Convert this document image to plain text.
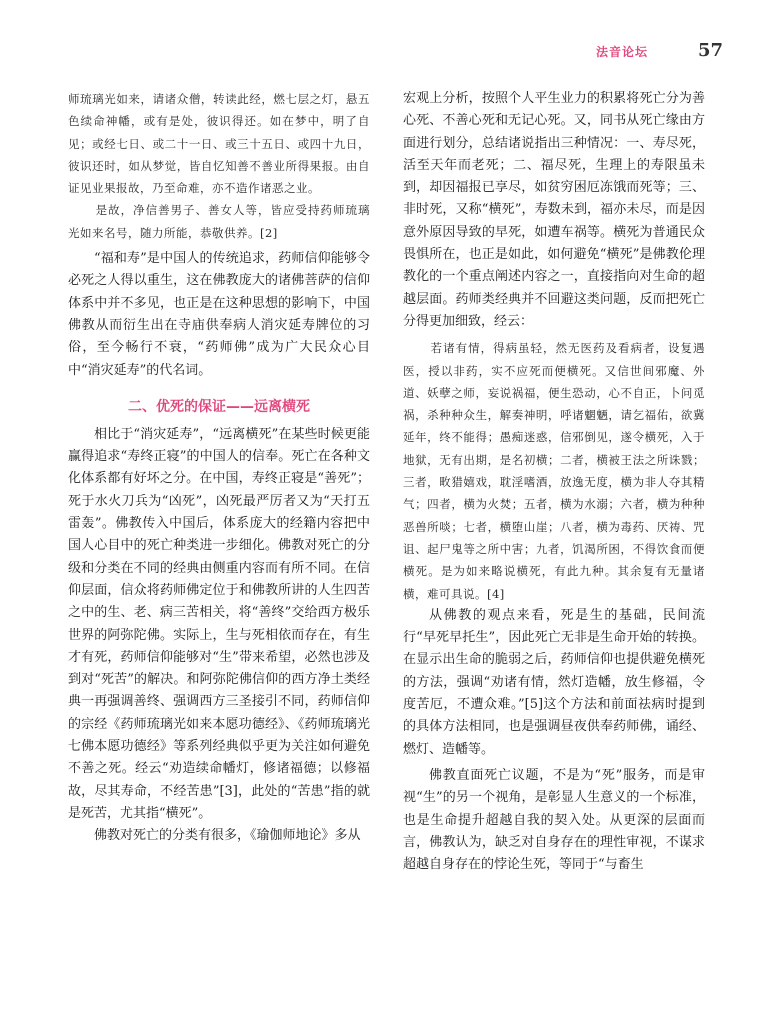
法音论坛	57

师琉璃光如来，请诸众僧，转读此经，燃七层之灯，悬五色续命神幡，或有是处，彼识得还。如在梦中，明了自见；或经七日、或二十一日、或三十五日、或四十九日，彼识还时，如从梦觉，皆自忆知善不善业所得果报。由自证见业果报故，乃至命难，亦不造作诸恶之业。

是故，净信善男子、善女人等，皆应受持药师琉璃光如来名号，随力所能，恭敬供养。[2]

“福和寿”是中国人的传统追求，药师信仰能够令必死之人得以重生，这在佛教庞大的诸佛菩萨的信仰体系中并不多见，也正是在这种思想的影响下，中国佛教从而衍生出在寺庙供奉病人消灾延寿牌位的习俗，至今畅行不衰，“药师佛”成为广大民众心目中“消灾延寿”的代名词。

二、优死的保证——远离横死

相比于“消灾延寿”，“远离横死”在某些时候更能赢得追求“寿终正寝”的中国人的信奉。死亡在各种文化体系都有好坏之分。在中国，寿终正寝是“善死”；死于水火刀兵为“凶死”，凶死最严厉者又为“天打五雷轰”。佛教传入中国后，体系庞大的经籍内容把中国人心目中的死亡种类进一步细化。佛教对死亡的分级和分类在不同的经典由侧重内容而有所不同。在信仰层面，信众将药师佛定位于和佛教所讲的人生四苦之中的生、老、病三苦相关，将“善终”交给西方极乐世界的阿弥陀佛。实际上，生与死相依而存在，有生才有死，药师信仰能够对“生”带来希望，必然也涉及到对“死苦”的解决。和阿弥陀佛信仰的西方净土类经典一再强调善终、强调西方三圣接引不同，药师信仰的宗经《药师琉璃光如来本愿功德经》、《药师琉璃光七佛本愿功德经》等系列经典似乎更为关注如何避免不善之死。经云“劝造续命幡灯，修诸福德；以修福故，尽其寿命，不经苦患”[3]，此处的“苦患”指的就是死苦，尤其指“横死”。

佛教对死亡的分类有很多，《瑜伽师地论》多从

宏观上分析，按照个人平生业力的积累将死亡分为善心死、不善心死和无记心死。又，同书从死亡缘由方面进行划分，总结诸说指出三种情况：一、寿尽死，活至天年而老死；二、福尽死，生理上的寿限虽未到，却因福报已享尽，如贫穷困厄冻饿而死等；三、非时死，又称“横死”，寿数未到，福亦未尽，而是因意外原因导致的早死，如遭车祸等。横死为普通民众畏惧所在，也正是如此，如何避免“横死”是佛教伦理教化的一个重点阐述内容之一，直接指向对生命的超越层面。药师类经典并不回避这类问题，反而把死亡分得更加细致，经云：

若诸有情，得病虽轻，然无医药及看病者，设复遇医，授以非药，实不应死而便横死。又信世间邪魔、外道、妖孽之师，妄说祸福，便生恐动，心不自正，卜问觅祸，杀种种众生，解奏神明，呼诸魍魉，请乞福佑，欲冀延年，终不能得；愚痴迷惑，信邪倒见，遂令横死，入于地狱，无有出期，是名初横；二者，横被王法之所诛戮；三者，畋猎嬉戏，耽淫嗜酒，放逸无度，横为非人夺其精气；四者，横为火焚；五者，横为水溺；六者，横为种种恶兽所啖；七者，横堕山崖；八者，横为毒药、厌祷、咒诅、起尸鬼等之所中害；九者，饥渴所困，不得饮食而便横死。是为如来略说横死，有此九种。其余复有无量诸横，难可具说。[4]

从佛教的观点来看，死是生的基础，民间流行“早死早托生”，因此死亡无非是生命开始的转换。在显示出生命的脆弱之后，药师信仰也提供避免横死的方法，强调“劝诸有情，然灯造幡，放生修福，令度苦厄，不遭众难。”[5]这个方法和前面祛病时提到的具体方法相同，也是强调昼夜供奉药师佛，诵经、燃灯、造幡等。

佛教直面死亡议题，不是为“死”服务，而是审视“生”的另一个视角，是彰显人生意义的一个标准，也是生命提升超越自我的契入处。从更深的层面而言，佛教认为，缺乏对自身存在的理性审视，不谋求超越自身存在的悖论生死，等同于“与畜生
